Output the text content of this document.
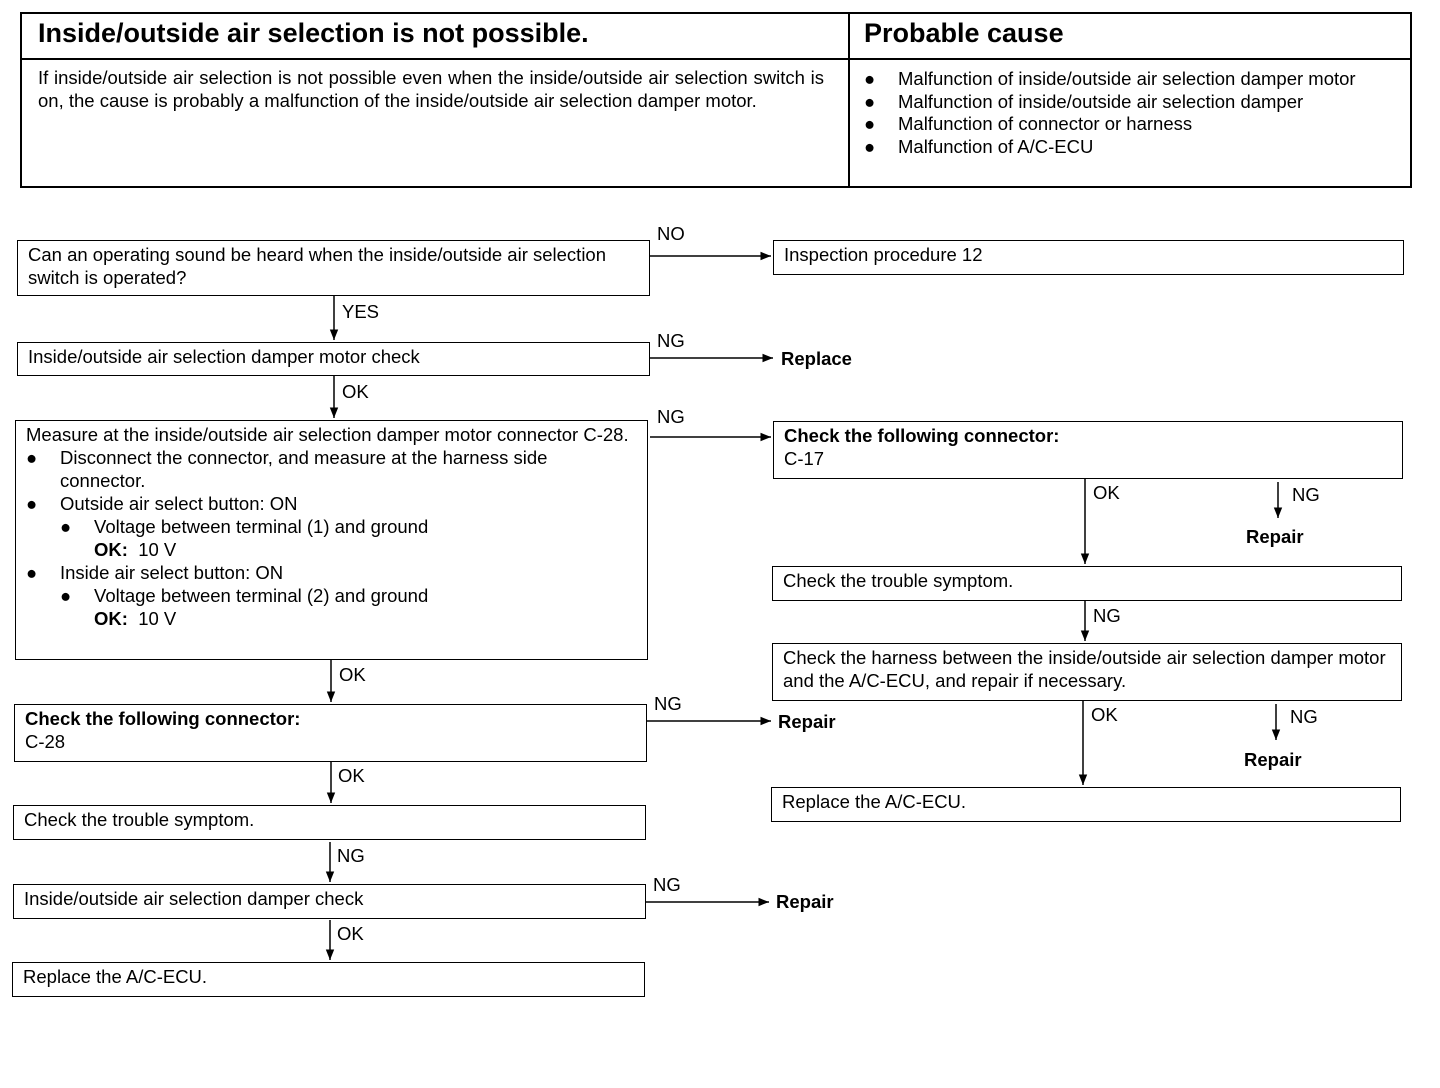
Inside/outside air selection is not possible.	Probable cause
If inside/outside air selection is not possible even when the inside/outside air selection switch is on, the cause is probably a malfunction of the inside/outside air selection damper motor.
●	Malfunction of inside/outside air selection damper motor
●	Malfunction of inside/outside air selection damper
●	Malfunction of connector or harness
●	Malfunction of A/C-ECU
Can an operating sound be heard when the inside/outside air selection switch is operated?
Inside/outside air selection damper motor check
Measure at the inside/outside air selection damper motor connector C-28.
●	Disconnect the connector, and measure at the harness side connector.
●	Outside air select button: ON
●	Voltage between terminal (1) and ground
OK: 10 V
●	Inside air select button: ON
●	Voltage between terminal (2) and ground
OK: 10 V
Check the following connector:
C-28
Check the trouble symptom.
Inside/outside air selection damper check
Replace the A/C-ECU.
Inspection procedure 12
Check the following connector:
C-17
Check the trouble symptom.
Check the harness between the inside/outside air selection damper motor and the A/C-ECU, and repair if necessary.
Replace the A/C-ECU.
Replace
Repair
Repair
Repair
Repair
NO
YES
NG
OK
NG
OK
NG
OK
NG
NG
OK
OK	NG
NG
OK	NG
